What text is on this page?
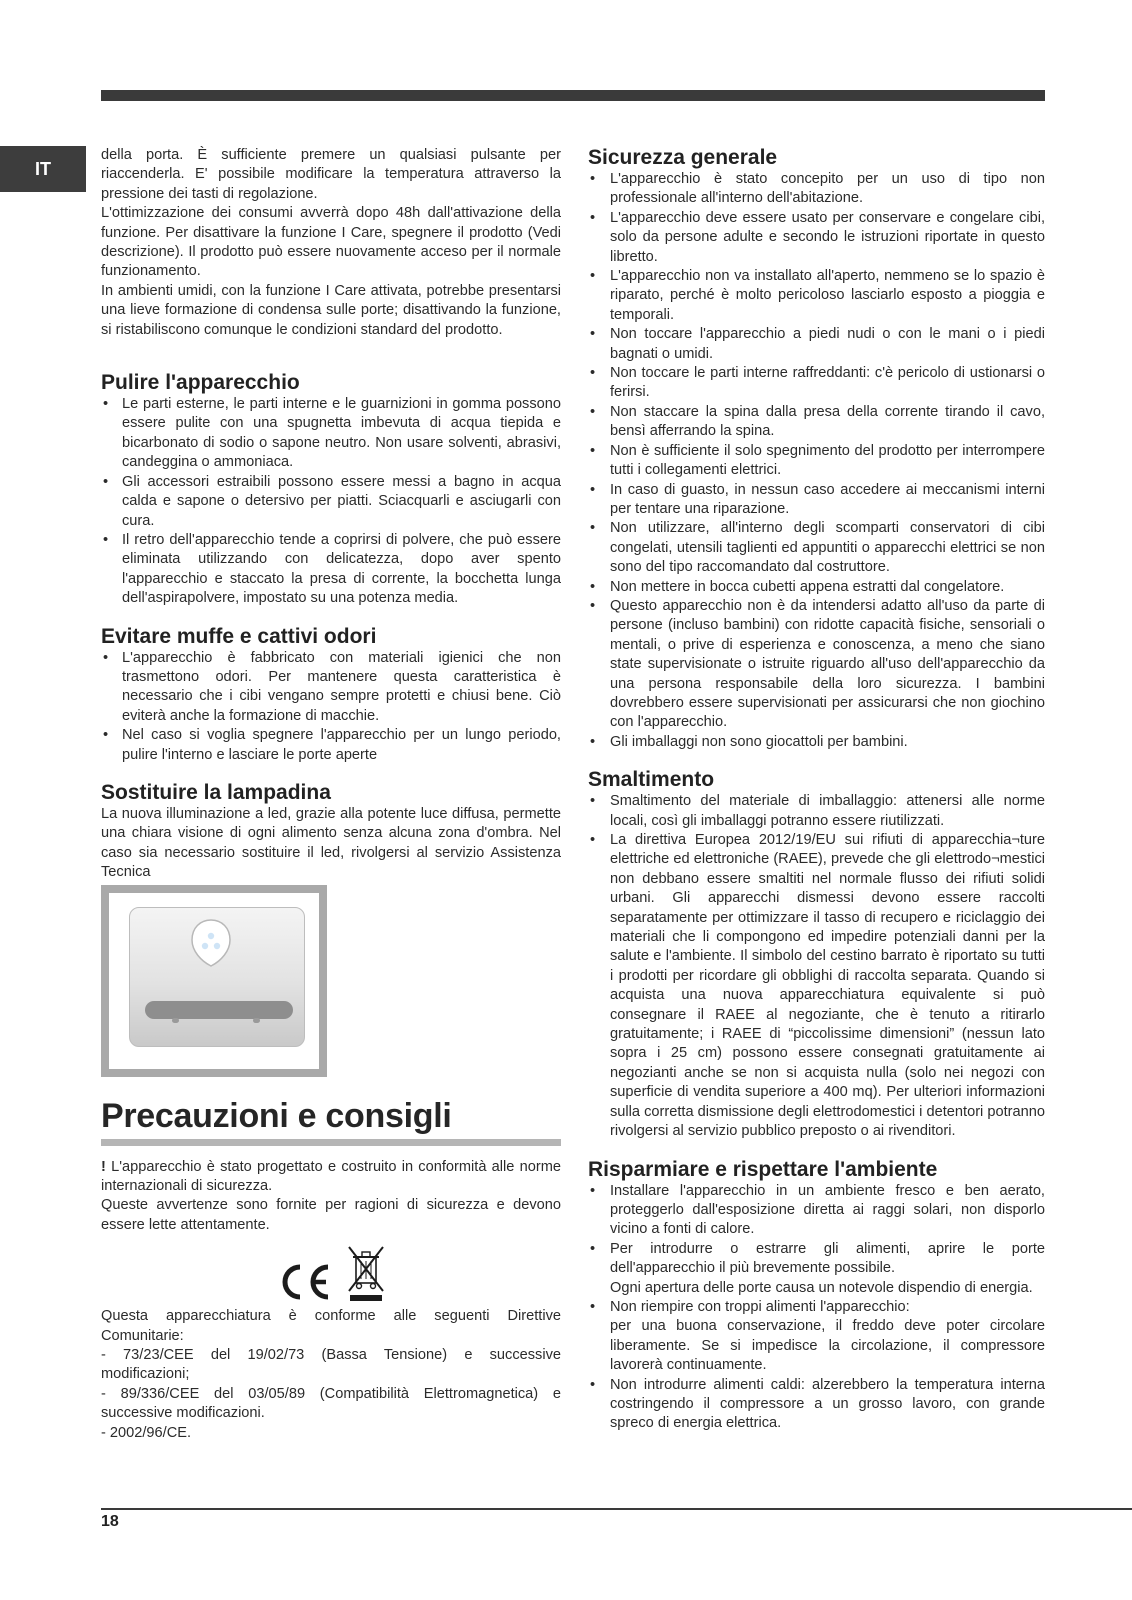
IT

della porta. È sufficiente premere un qualsiasi pulsante per riaccenderla. E' possibile modificare la temperatura attraverso la pressione dei tasti di regolazione.

L'ottimizzazione dei consumi avverrà dopo 48h dall'attivazione della funzione. Per disattivare la funzione I Care, spegnere il prodotto (Vedi descrizione). Il prodotto può essere nuovamente acceso per il normale funzionamento.

In ambienti umidi, con la funzione I Care attivata, potrebbe presentarsi una lieve formazione di condensa sulle porte; disattivando la funzione, si ristabiliscono comunque le condizioni standard del prodotto.

Pulire l'apparecchio
• Le parti esterne, le parti interne e le guarnizioni in gomma possono essere pulite con una spugnetta imbevuta di acqua tiepida e bicarbonato di sodio o sapone neutro. Non usare solventi, abrasivi, candeggina o ammoniaca.
• Gli accessori estraibili possono essere messi a bagno in acqua calda e sapone o detersivo per piatti. Sciacquarli e asciugarli con cura.
• Il retro dell'apparecchio tende a coprirsi di polvere, che può essere eliminata utilizzando con delicatezza, dopo aver spento l'apparecchio e staccato la presa di corrente, la bocchetta lunga dell'aspirapolvere, impostato su una potenza media.
Evitare muffe e cattivi odori
• L'apparecchio è fabbricato con materiali igienici che non trasmettono odori. Per mantenere questa caratteristica è necessario che i cibi vengano sempre protetti e chiusi bene. Ciò eviterà anche la formazione di macchie.
• Nel caso si voglia spegnere l'apparecchio per un lungo periodo, pulire l'interno e lasciare le porte aperte
Sostituire la lampadina

La nuova illuminazione a led, grazie alla potente luce diffusa, permette una chiara visione di ogni alimento senza alcuna zona d'ombra. Nel caso sia necessario sostituire il led, rivolgersi al servizio Assistenza Tecnica

Precauzioni e consigli

! L'apparecchio è stato progettato e costruito in conformità alle norme internazionali di sicurezza.

Queste avvertenze sono fornite per ragioni di sicurezza e devono essere lette attentamente.

Questa apparecchiatura è conforme alle seguenti Direttive Comunitarie:

- 73/23/CEE del 19/02/73 (Bassa Tensione) e successive modificazioni;

- 89/336/CEE del 03/05/89 (Compatibilità Elettromagnetica) e successive modificazioni.

- 2002/96/CE.

Sicurezza generale
• L'apparecchio è stato concepito per un uso di tipo non professionale all'interno dell'abitazione.
• L'apparecchio deve essere usato per conservare e congelare cibi, solo da persone adulte e secondo le istruzioni riportate in questo libretto.
• L'apparecchio non va installato all'aperto, nemmeno se lo spazio è riparato, perché è molto pericoloso lasciarlo esposto a pioggia e temporali.
• Non toccare l'apparecchio a piedi nudi o con le mani o i piedi bagnati o umidi.
• Non toccare le parti interne raffreddanti: c'è pericolo di ustionarsi o ferirsi.
• Non staccare la spina dalla presa della corrente tirando il cavo, bensì afferrando la spina.
• Non è sufficiente il solo spegnimento del prodotto per interrompere tutti i collegamenti elettrici.
• In caso di guasto, in nessun caso accedere ai meccanismi interni per tentare una riparazione.
• Non utilizzare, all'interno degli scomparti conservatori di cibi congelati, utensili taglienti ed appuntiti o apparecchi elettrici se non sono del tipo raccomandato dal costruttore.
• Non mettere in bocca cubetti appena estratti dal congelatore.
• Questo apparecchio non è da intendersi adatto all'uso da parte di persone (incluso bambini) con ridotte capacità fisiche, sensoriali o mentali, o prive di esperienza e conoscenza, a meno che siano state supervisionate o istruite riguardo all'uso dell'apparecchio da una persona responsabile della loro sicurezza. I bambini dovrebbero essere supervisionati per assicurarsi che non giochino con l'apparecchio.
• Gli imballaggi non sono giocattoli per bambini.
Smaltimento
• Smaltimento del materiale di imballaggio: attenersi alle norme locali, così gli imballaggi potranno essere riutilizzati.
• La direttiva Europea 2012/19/EU sui rifiuti di apparecchia¬ture elettriche ed elettroniche (RAEE), prevede che gli elettrodo¬mestici non debbano essere smaltiti nel normale flusso dei rifiuti solidi urbani. Gli apparecchi dismessi devono essere raccolti separatamente per ottimizzare il tasso di recupero e riciclaggio dei materiali che li compongono ed impedire potenziali danni per la salute e l'ambiente. Il simbolo del cestino barrato è riportato su tutti i prodotti per ricordare gli obblighi di raccolta separata. Quando si acquista una nuova apparecchiatura equivalente si può consegnare il RAEE al negoziante, che è tenuto a ritirarlo gratuitamente; i RAEE di “piccolissime dimensioni” (nessun lato sopra i 25 cm) possono essere consegnati gratuitamente ai negozianti anche se non si acquista nulla (solo nei negozi con superficie di vendita superiore a 400 mq). Per ulteriori informazioni sulla corretta dismissione degli elettrodomestici i detentori potranno rivolgersi al servizio pubblico preposto o ai rivenditori.
Risparmiare e rispettare l'ambiente
• Installare l'apparecchio in un ambiente fresco e ben aerato, proteggerlo dall'esposizione diretta ai raggi solari, non disporlo vicino a fonti di calore.
• Per introdurre o estrarre gli alimenti, aprire le porte dell'apparecchio il più brevemente possibile.
Ogni apertura delle porte causa un notevole dispendio di energia.
• Non riempire con troppi alimenti l'apparecchio:
per una buona conservazione, il freddo deve poter circolare liberamente. Se si impedisce la circolazione, il compressore lavorerà continuamente.
• Non introdurre alimenti caldi: alzerebbero la temperatura interna costringendo il compressore a un grosso lavoro, con grande spreco di energia elettrica.
18
